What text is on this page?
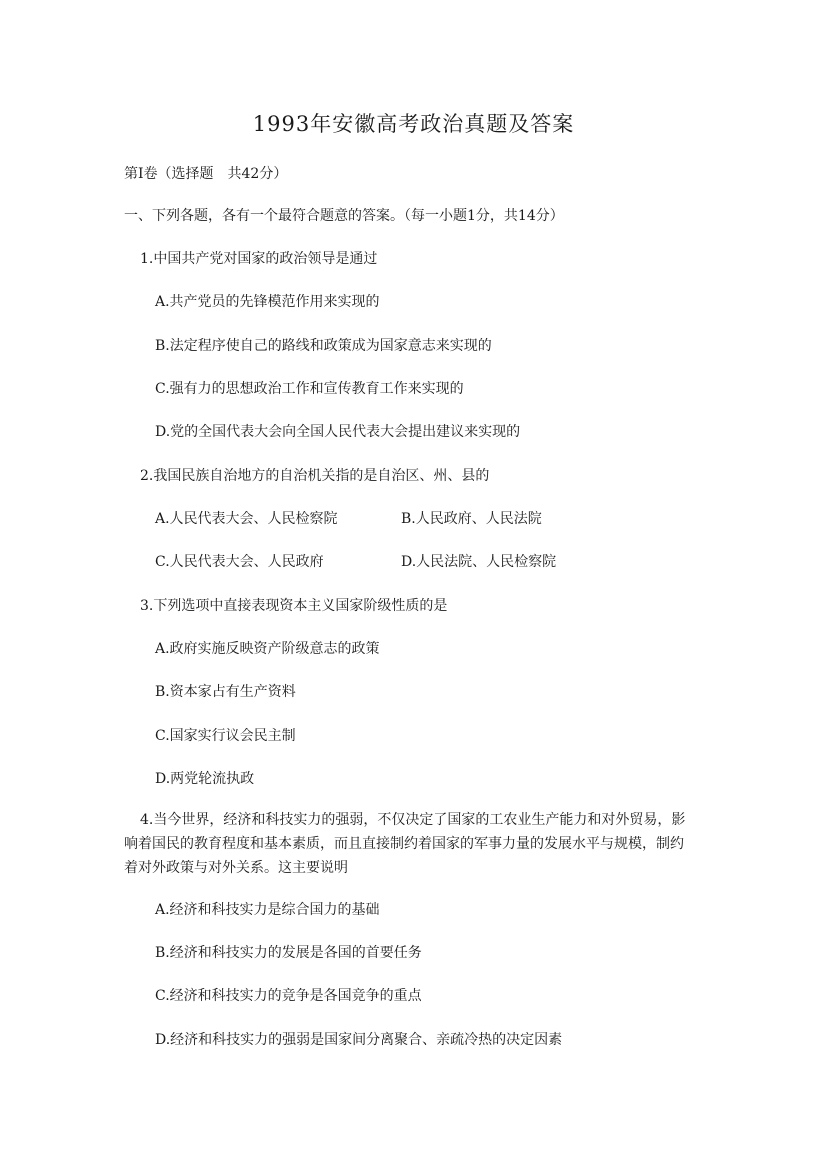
1993年安徽高考政治真题及答案
第Ⅰ卷（选择题　共42分）
一、下列各题，各有一个最符合题意的答案。（每一小题1分，共14分）
1.中国共产党对国家的政治领导是通过
A.共产党员的先锋模范作用来实现的
B.法定程序使自己的路线和政策成为国家意志来实现的
C.强有力的思想政治工作和宣传教育工作来实现的
D.党的全国代表大会向全国人民代表大会提出建议来实现的
2.我国民族自治地方的自治机关指的是自治区、州、县的
A.人民代表大会、人民检察院	B.人民政府、人民法院
C.人民代表大会、人民政府	D.人民法院、人民检察院
3.下列选项中直接表现资本主义国家阶级性质的是
A.政府实施反映资产阶级意志的政策
B.资本家占有生产资料
C.国家实行议会民主制
D.两党轮流执政
4.当今世界，经济和科技实力的强弱，不仅决定了国家的工农业生产能力和对外贸易，影响着国民的教育程度和基本素质，而且直接制约着国家的军事力量的发展水平与规模，制约着对外政策与对外关系。这主要说明
A.经济和科技实力是综合国力的基础
B.经济和科技实力的发展是各国的首要任务
C.经济和科技实力的竞争是各国竞争的重点
D.经济和科技实力的强弱是国家间分离聚合、亲疏冷热的决定因素
